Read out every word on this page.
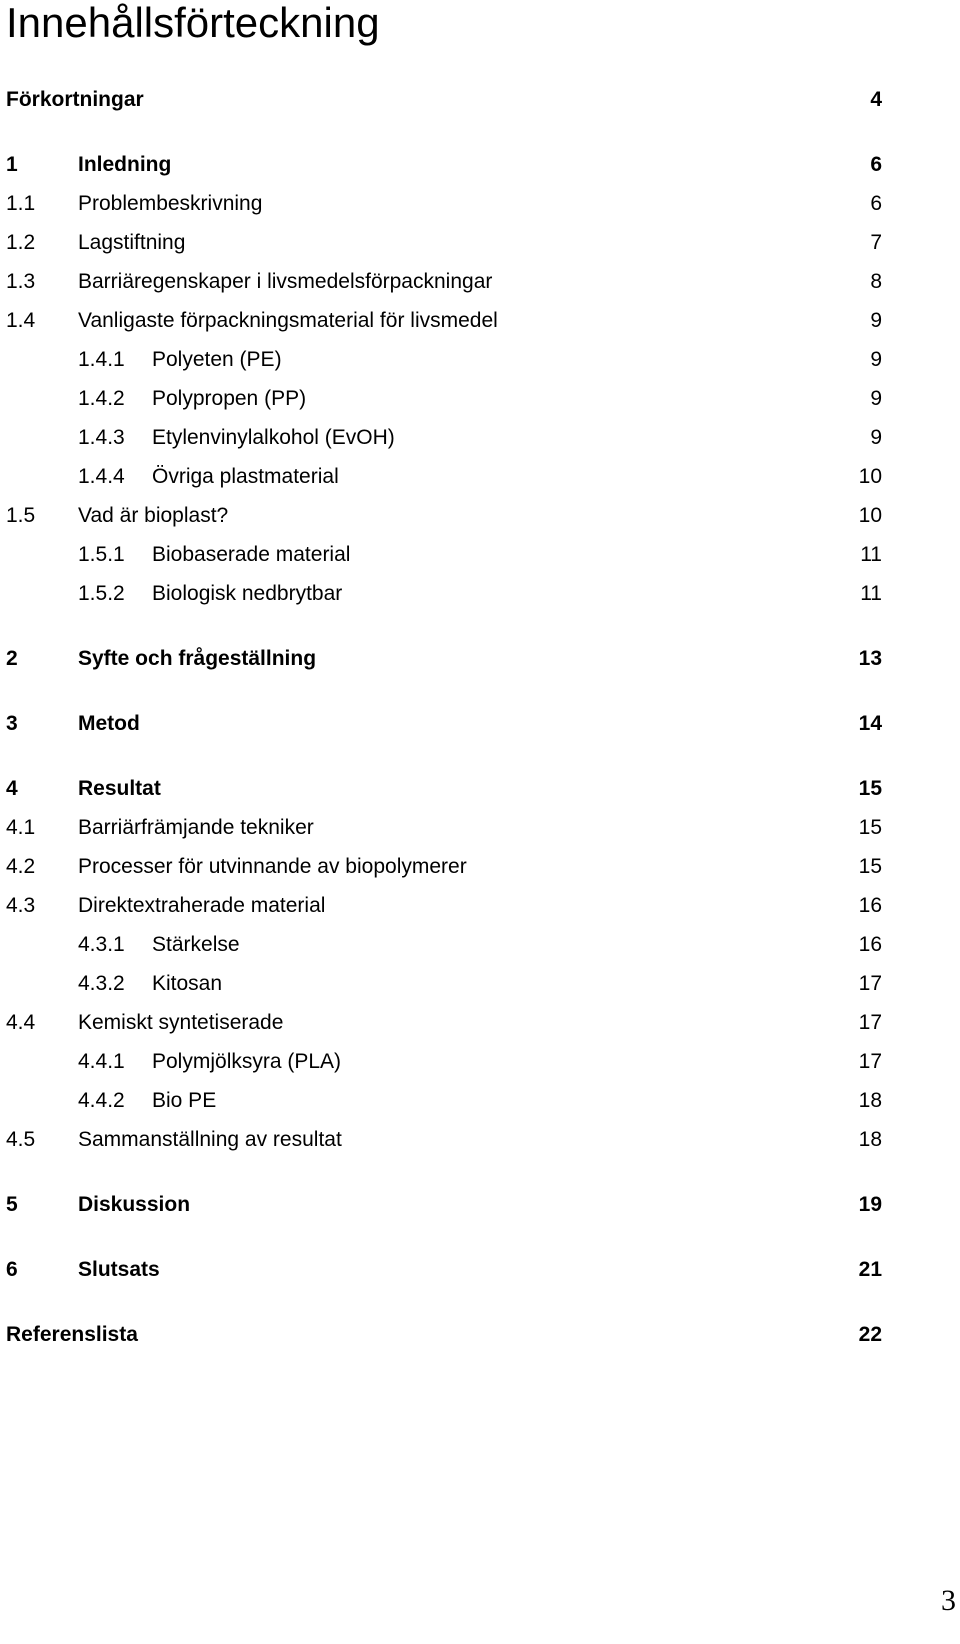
Innehållsförteckning
Förkortningar	4
1	Inledning	6
1.1 Problembeskrivning	6
1.2 Lagstiftning	7
1.3 Barriäregenskaper i livsmedelsförpackningar	8
1.4 Vanligaste förpackningsmaterial för livsmedel	9
1.4.1 Polyeten (PE)	9
1.4.2 Polypropen (PP)	9
1.4.3 Etylenvinylalkohol (EvOH)	9
1.4.4 Övriga plastmaterial	10
1.5 Vad är bioplast?	10
1.5.1 Biobaserade material	11
1.5.2 Biologisk nedbrytbar	11
2	Syfte och frågeställning	13
3	Metod	14
4	Resultat	15
4.1 Barriärfrämjande tekniker	15
4.2 Processer för utvinnande av biopolymerer	15
4.3 Direktextraherade material	16
4.3.1 Stärkelse	16
4.3.2 Kitosan	17
4.4 Kemiskt syntetiserade	17
4.4.1 Polymjölksyra (PLA)	17
4.4.2 Bio PE	18
4.5 Sammanställning av resultat	18
5	Diskussion	19
6	Slutsats	21
Referenslista	22
3
